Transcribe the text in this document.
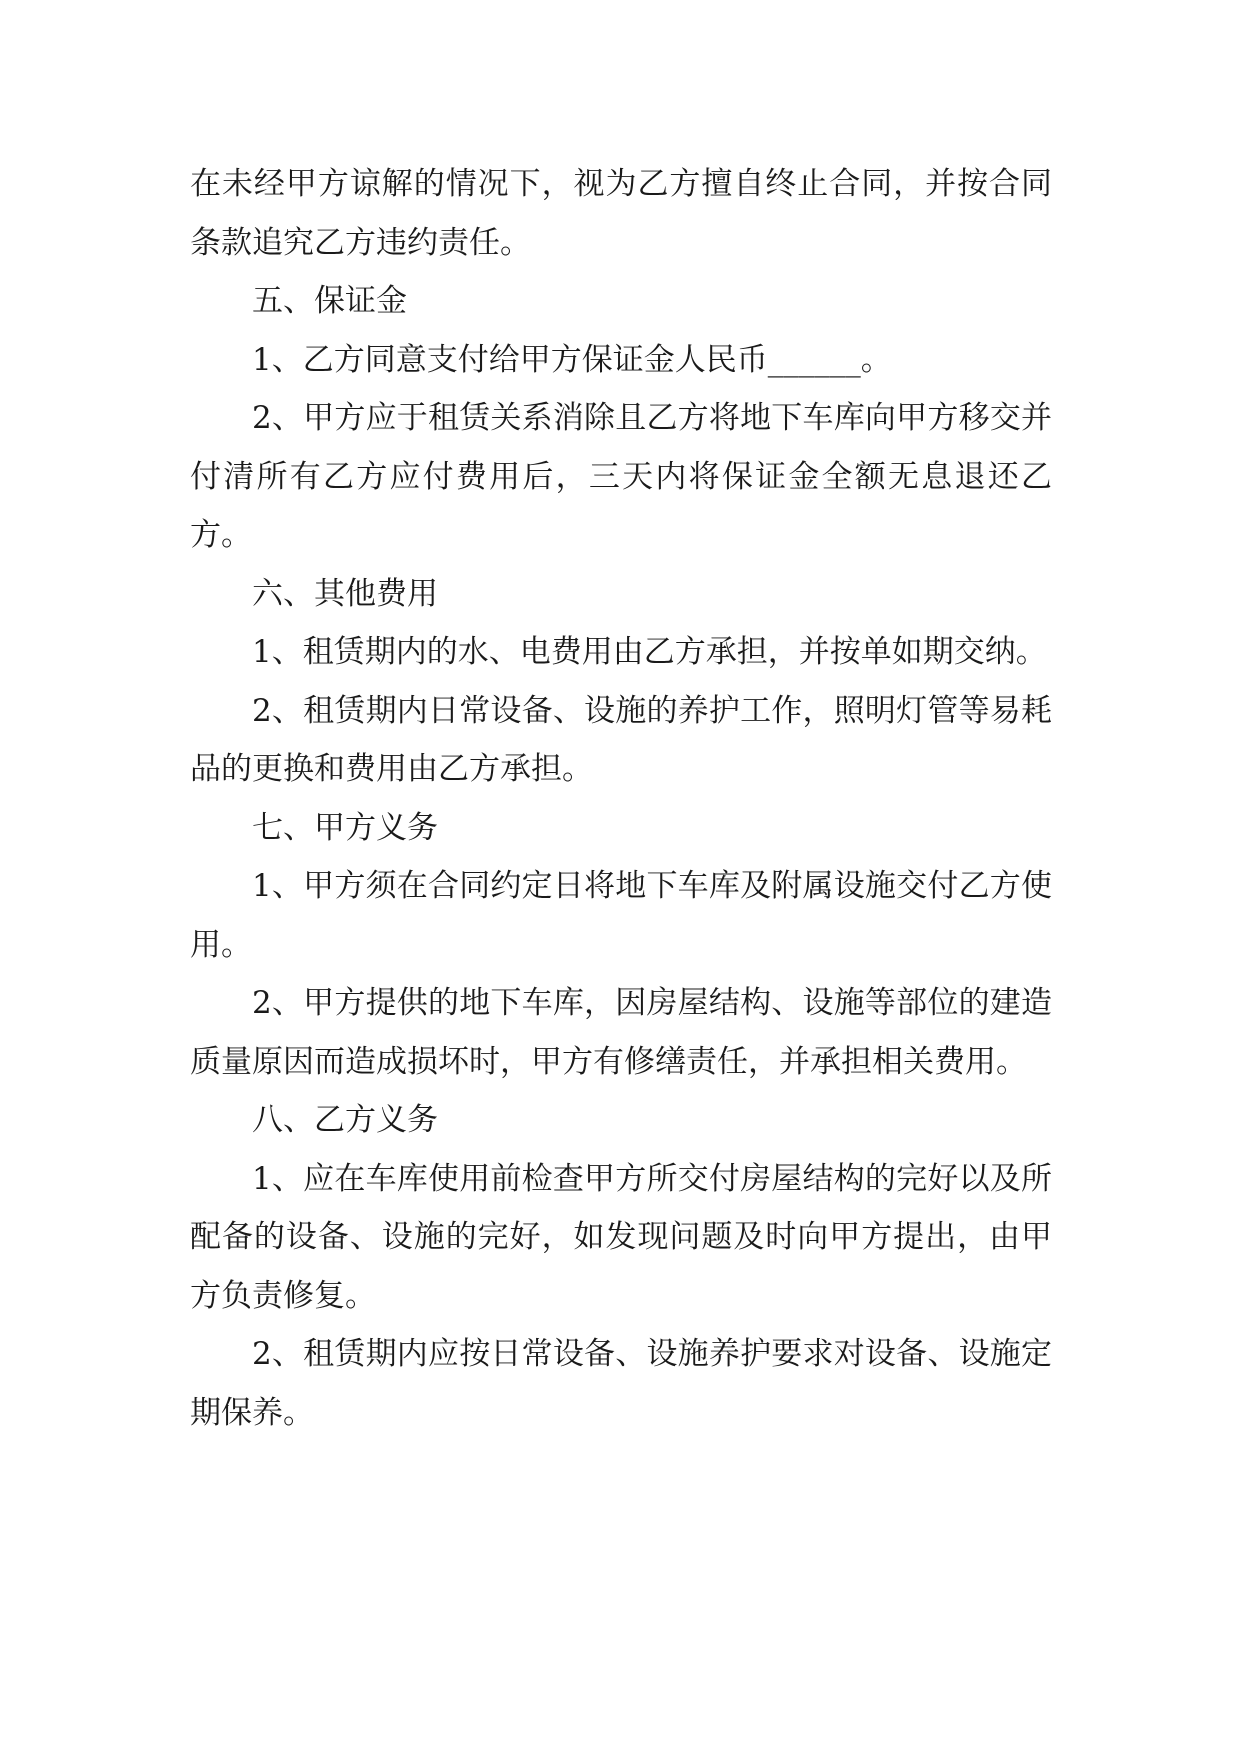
在未经甲方谅解的情况下，视为乙方擅自终止合同，并按合同条款追究乙方违约责任。

五、保证金

1、乙方同意支付给甲方保证金人民币______。

2、甲方应于租赁关系消除且乙方将地下车库向甲方移交并付清所有乙方应付费用后，三天内将保证金全额无息退还乙方。

六、其他费用

1、租赁期内的水、电费用由乙方承担，并按单如期交纳。

2、租赁期内日常设备、设施的养护工作，照明灯管等易耗品的更换和费用由乙方承担。

七、甲方义务

1、甲方须在合同约定日将地下车库及附属设施交付乙方使用。

2、甲方提供的地下车库，因房屋结构、设施等部位的建造质量原因而造成损坏时，甲方有修缮责任，并承担相关费用。

八、乙方义务

1、应在车库使用前检查甲方所交付房屋结构的完好以及所配备的设备、设施的完好，如发现问题及时向甲方提出，由甲方负责修复。

2、租赁期内应按日常设备、设施养护要求对设备、设施定期保养。
